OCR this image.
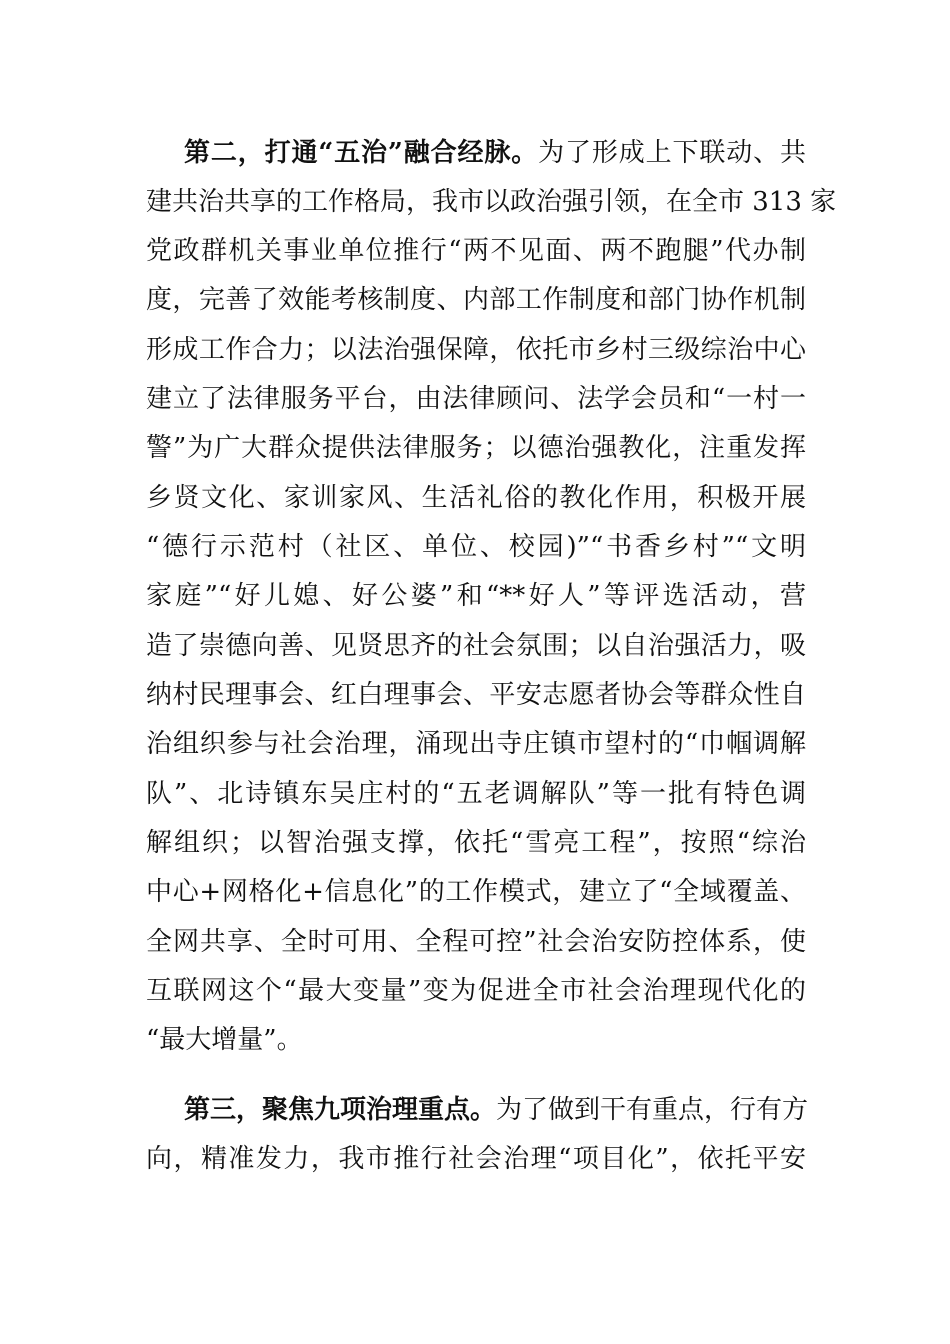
第二，打通“五治”融合经脉。为了形成上下联动、共
建共治共享的工作格局，我市以政治强引领，在全市 313 家
党政群机关事业单位推行“两不见面、两不跑腿”代办制
度，完善了效能考核制度、内部工作制度和部门协作机制
形成工作合力；以法治强保障，依托市乡村三级综治中心
建立了法律服务平台，由法律顾问、法学会员和“一村一
警”为广大群众提供法律服务；以德治强教化，注重发挥
乡贤文化、家训家风、生活礼俗的教化作用，积极开展
“德行示范村（社区、单位、校园)”“书香乡村”“文明
家庭”“好儿媳、好公婆”和“**好人”等评选活动，营
造了崇德向善、见贤思齐的社会氛围；以自治强活力，吸
纳村民理事会、红白理事会、平安志愿者协会等群众性自
治组织参与社会治理，涌现出寺庄镇市望村的“巾帼调解
队”、北诗镇东吴庄村的“五老调解队”等一批有特色调
解组织；以智治强支撑，依托“雪亮工程”，按照“综治
中心+网格化+信息化”的工作模式，建立了“全域覆盖、
全网共享、全时可用、全程可控”社会治安防控体系，使
互联网这个“最大变量”变为促进全市社会治理现代化的
“最大增量”。
第三，聚焦九项治理重点。为了做到干有重点，行有方
向，精准发力，我市推行社会治理“项目化”，依托平安
